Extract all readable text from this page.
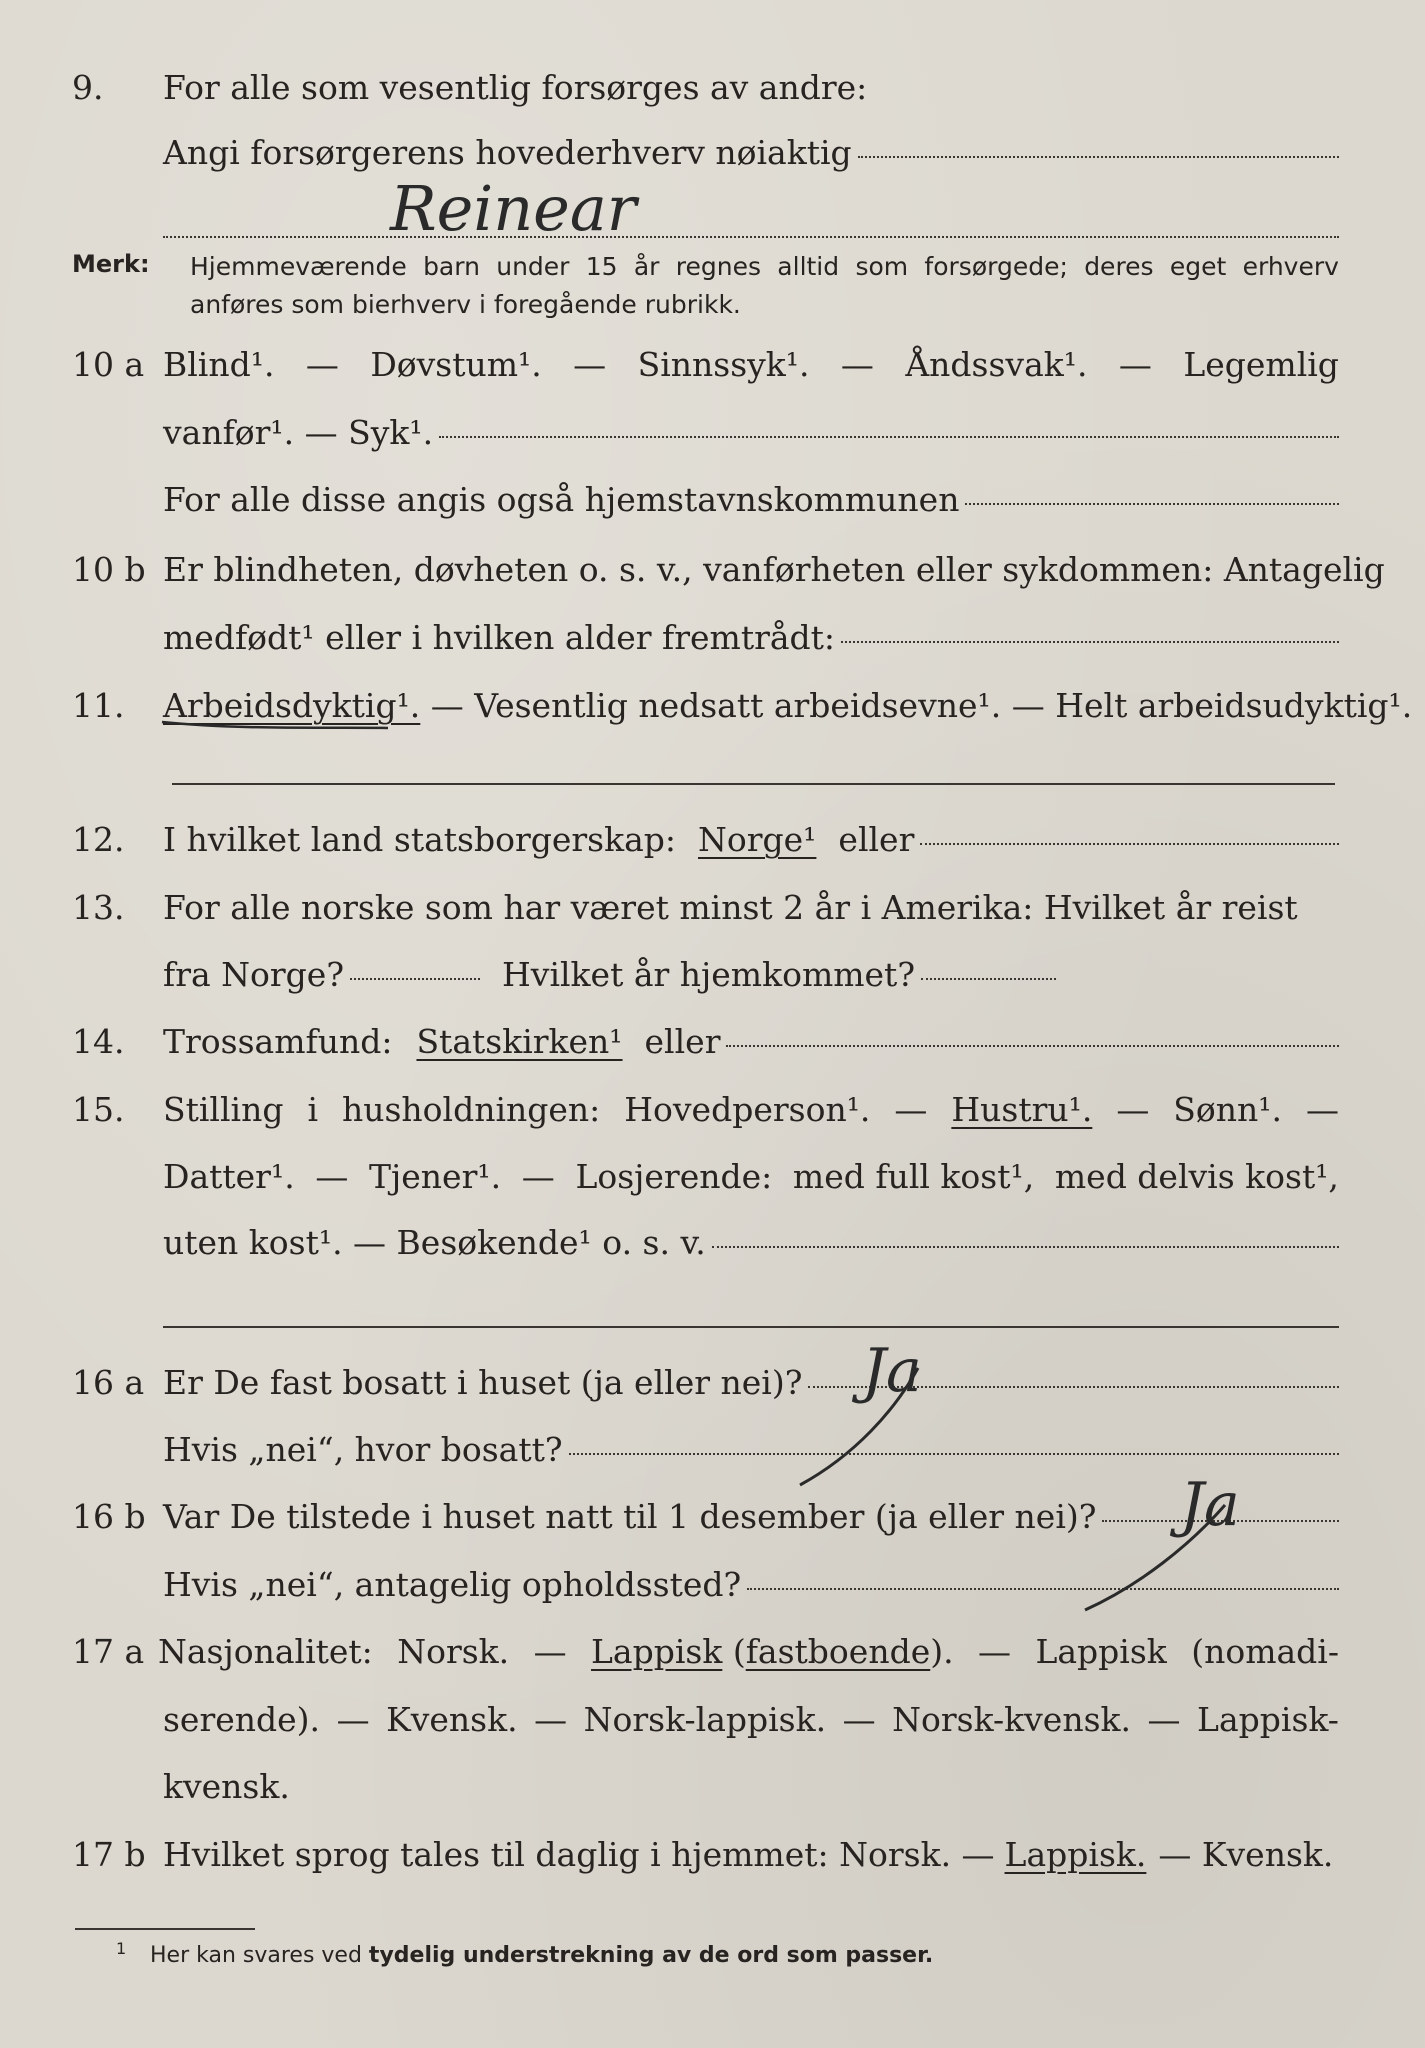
9. For alle som vesentlig forsørges av andre:
Angi forsørgerens hovederhverv nøiaktig
Reinear
Merk: Hjemmeværende barn under 15 år regnes alltid som forsørgede; deres eget erhverv
anføres som bierhverv i foregående rubrikk.
10 a Blind¹. — Døvstum¹. — Sinnssyk¹. — Åndssvak¹. — Legemlig
vanfør¹. — Syk¹.
For alle disse angis også hjemstavnskommunen
10 b Er blindheten, døvheten o. s. v., vanførheten eller sykdommen: Antagelig
medfødt¹ eller i hvilken alder fremtrådt:
11. Arbeidsdyktig¹. — Vesentlig nedsatt arbeidsevne¹. — Helt arbeidsudyktig¹.
12. I hvilket land statsborgerskap: Norge¹ eller
13. For alle norske som har været minst 2 år i Amerika: Hvilket år reist
fra Norge?	Hvilket år hjemkommet?
14. Trossamfund: Statskirken¹ eller
15. Stilling i husholdningen: Hovedperson¹. — Hustru¹. — Sønn¹. —
Datter¹. — Tjener¹. — Losjerende: med full kost¹, med delvis kost¹,
uten kost¹. — Besøkende¹ o. s. v.
16 a Er De fast bosatt i huset (ja eller nei)? Ja
Hvis „nei“, hvor bosatt?
16 b Var De tilstede i huset natt til 1 desember (ja eller nei)? Ja
Hvis „nei“, antagelig opholdssted?
17 a Nasjonalitet: Norsk. — Lappisk (fastboende). — Lappisk (nomadi-
serende). — Kvensk. — Norsk-lappisk. — Norsk-kvensk. — Lappisk-
kvensk.
17 b Hvilket sprog tales til daglig i hjemmet: Norsk. — Lappisk. — Kvensk.
1 Her kan svares ved tydelig understrekning av de ord som passer.
